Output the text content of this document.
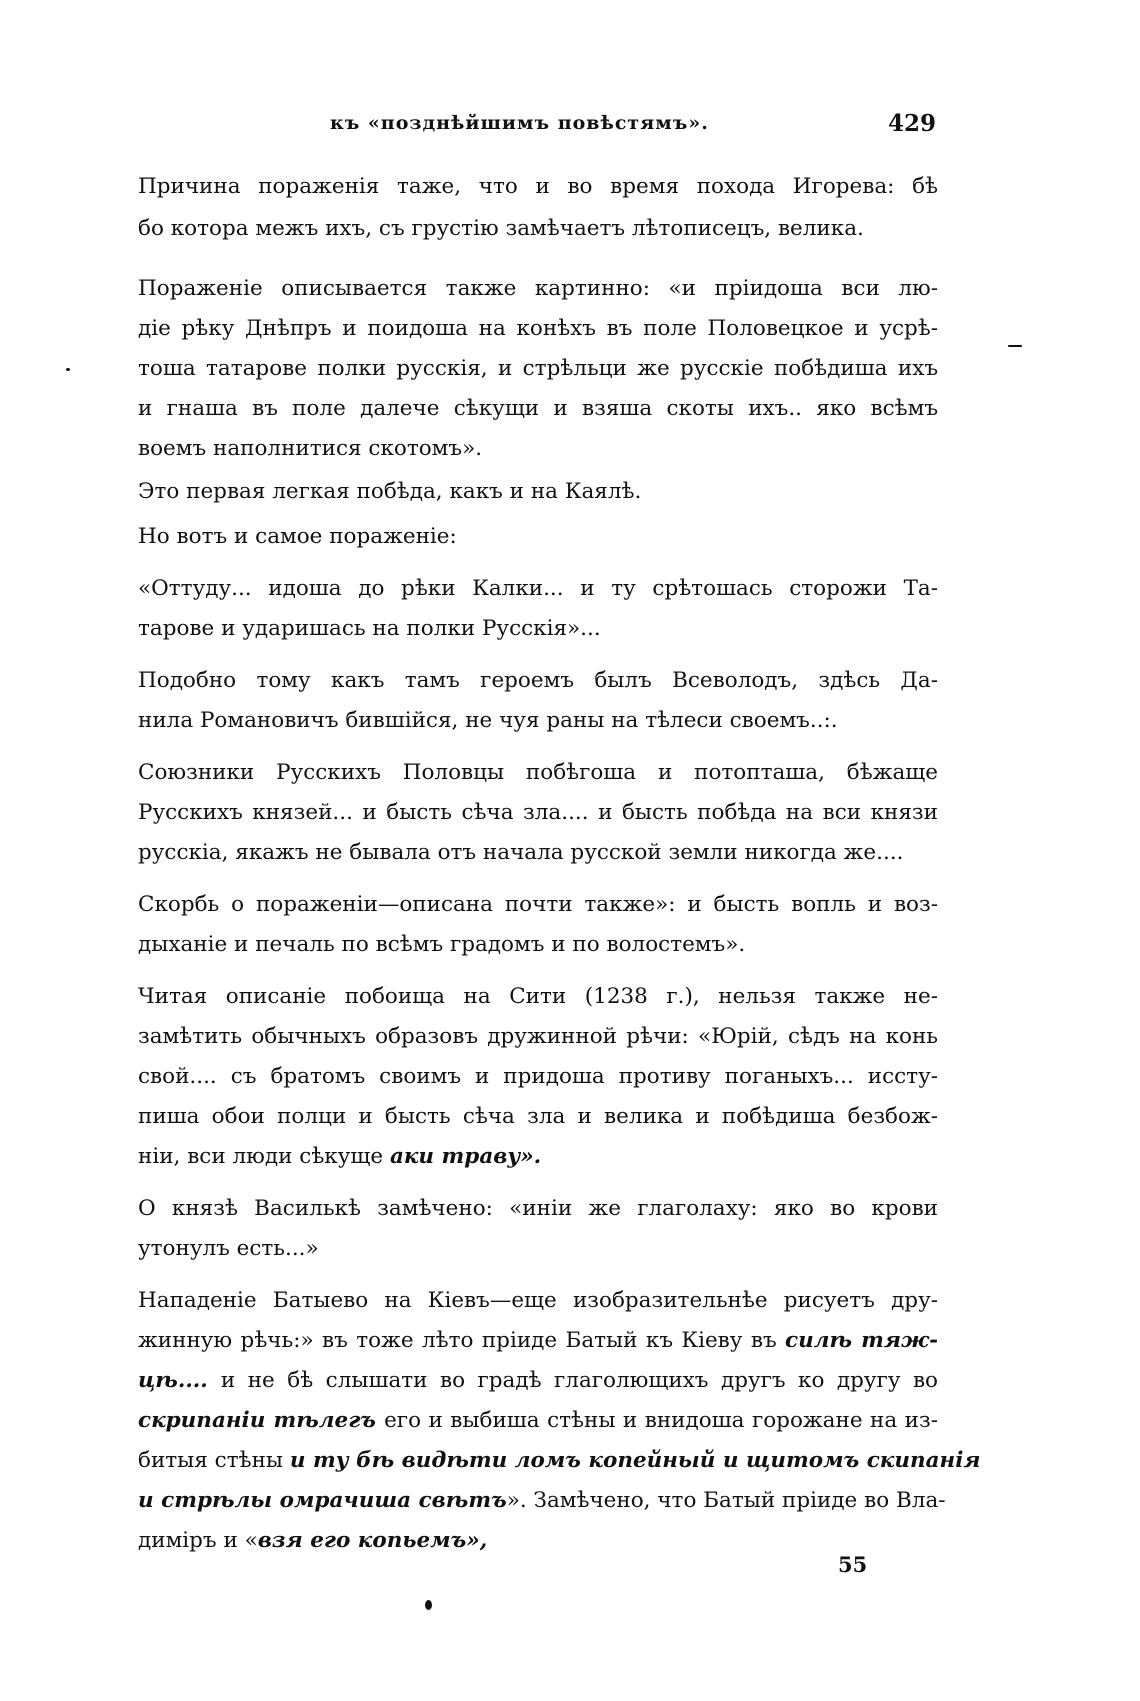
къ «позднѣйшимъ повѣстямъ».	429
Причина пораженія таже, что и во время похода Игорева: бѣ
бо котора межъ ихъ, съ грустію замѣчаетъ лѣтописецъ, велика.
Пораженіе описывается также картинно: «и пріидоша вси лю-
діе рѣку Днѣпръ и поидоша на конѣхъ въ поле Половецкое и усрѣ-
тоша татарове полки русскія, и стрѣльци же русскіе побѣдиша ихъ
и гнаша въ поле далече сѣкущи и взяша скоты ихъ.. яко всѣмъ
воемъ наполнитися скотомъ».
Это первая легкая побѣда, какъ и на Каялѣ.
Но вотъ и самое пораженіе:
«Оттуду... идоша до рѣки Калки... и ту срѣтошась сторожи Та-
тарове и ударишась на полки Русскія»...
Подобно тому какъ тамъ героемъ былъ Всеволодъ, здѣсь Да-
нила Романовичъ бившійся, не чуя раны на тѣлеси своемъ..:.
Союзники Русскихъ Половцы побѣгоша и потопташа, бѣжаще
Русскихъ князей... и бысть сѣча зла.... и бысть побѣда на вси князи
русскіа, якажъ не бывала отъ начала русской земли никогда же....
Скорбь о пораженіи—описана почти также»: и бысть вопль и воз-
дыханіе и печаль по всѣмъ градомъ и по волостемъ».
Читая описаніе побоища на Сити (1238 г.), нельзя также не-
замѣтить обычныхъ образовъ дружинной рѣчи: «Юрій, сѣдъ на конь
свой.... съ братомъ своимъ и придоша противу поганыхъ... иссту-
пиша обои полци и бысть сѣча зла и велика и побѣдиша безбож-
ніи, вси люди сѣкуще аки траву».
О князѣ Василькѣ замѣчено: «иніи же глаголаху: яко во крови
утонулъ есть...»
Нападеніе Батыево на Кіевъ—еще изобразительнѣе рисуетъ дру-
жинную рѣчь:» въ тоже лѣто пріиде Батый къ Кіеву въ силѣ тяж-
цѣ.... и не бѣ слышати во градѣ глаголющихъ другъ ко другу во
скрипаніи тѣлегъ его и выбиша стѣны и внидоша горожане на из-
битыя стѣны и ту бѣ видѣти ломъ копейный и щитомъ скипанія
и стрѣлы омрачиша свѣтъ». Замѣчено, что Батый пріиде во Вла-
диміръ и «взя его копьемъ»,
55
